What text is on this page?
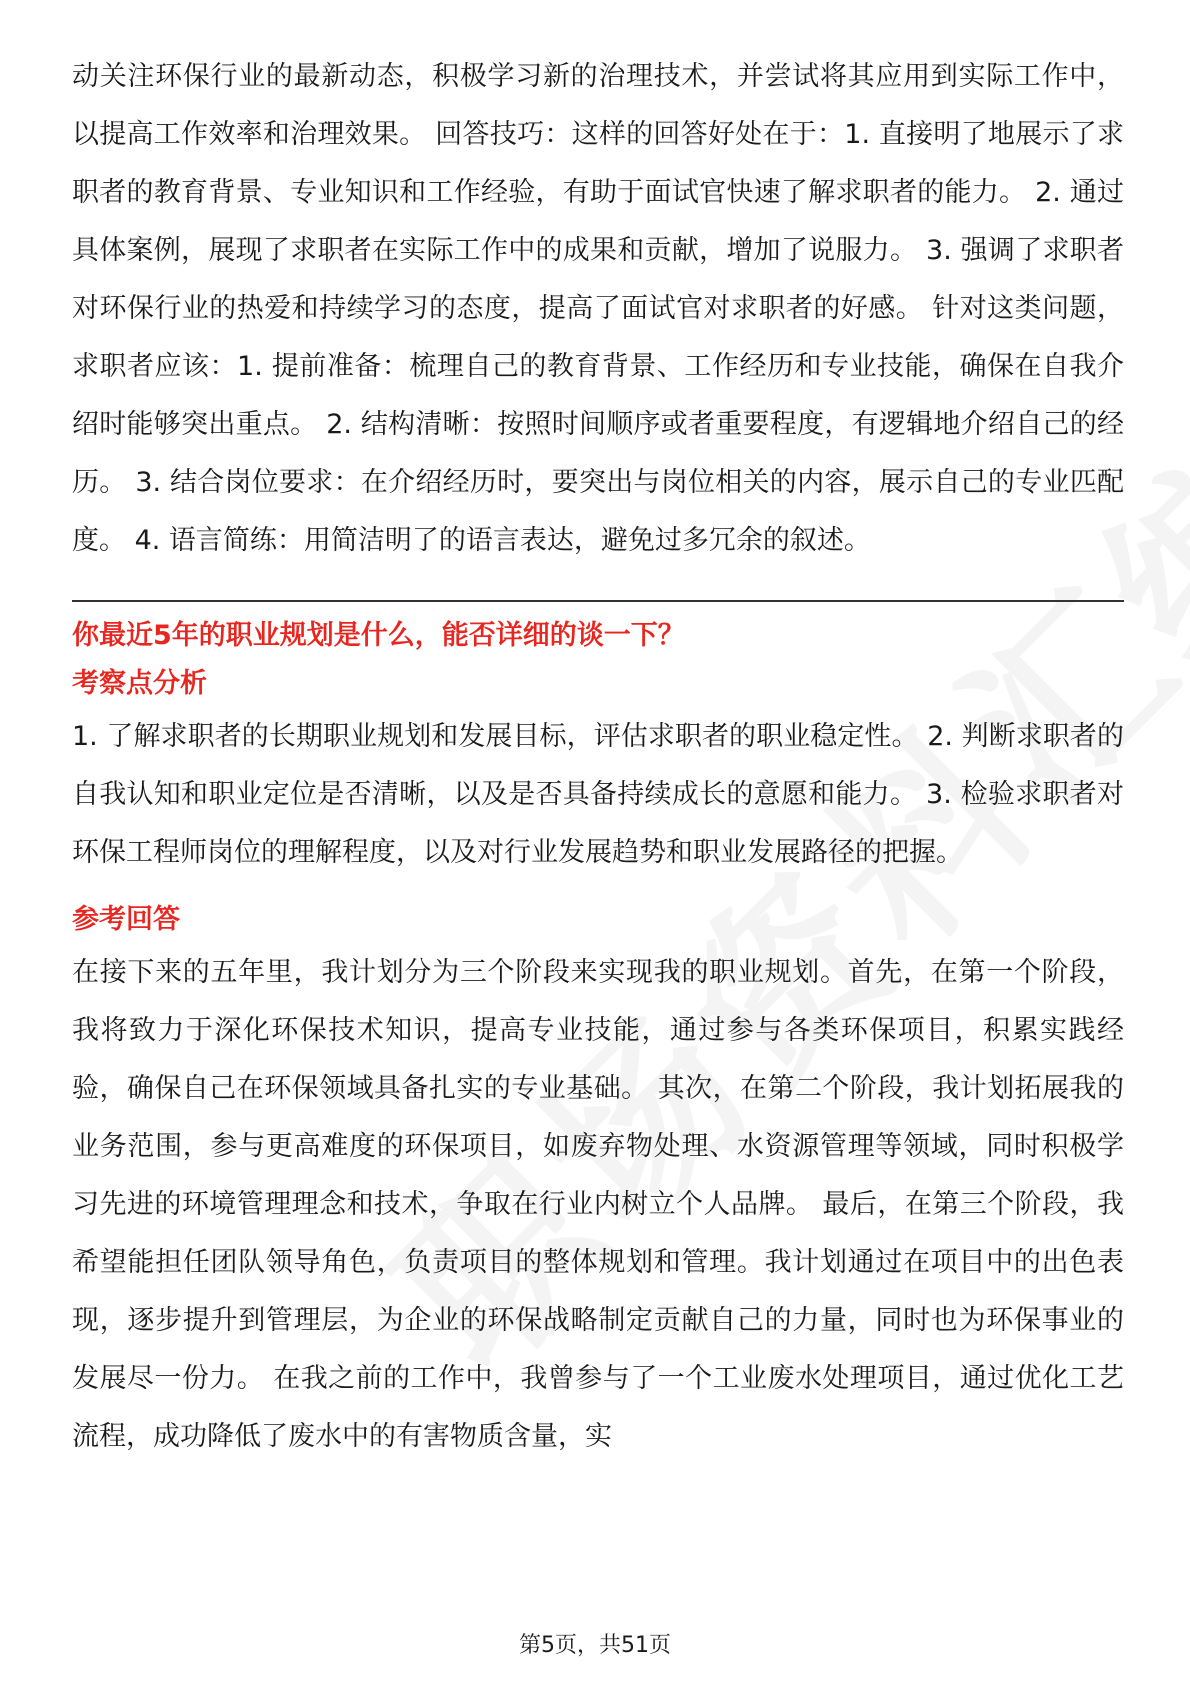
动关注环保行业的最新动态，积极学习新的治理技术，并尝试将其应用到实际工作中，以提高工作效率和治理效果。 回答技巧：这样的回答好处在于：1. 直接明了地展示了求职者的教育背景、专业知识和工作经验，有助于面试官快速了解求职者的能力。 2. 通过具体案例，展现了求职者在实际工作中的成果和贡献，增加了说服力。 3. 强调了求职者对环保行业的热爱和持续学习的态度，提高了面试官对求职者的好感。 针对这类问题，求职者应该：1. 提前准备：梳理自己的教育背景、工作经历和专业技能，确保在自我介绍时能够突出重点。 2. 结构清晰：按照时间顺序或者重要程度，有逻辑地介绍自己的经历。 3. 结合岗位要求：在介绍经历时，要突出与岗位相关的内容，展示自己的专业匹配度。 4. 语言简练：用简洁明了的语言表达，避免过多冗余的叙述。

你最近5年的职业规划是什么，能否详细的谈一下？

考察点分析

1. 了解求职者的长期职业规划和发展目标，评估求职者的职业稳定性。 2. 判断求职者的自我认知和职业定位是否清晰，以及是否具备持续成长的意愿和能力。 3. 检验求职者对环保工程师岗位的理解程度，以及对行业发展趋势和职业发展路径的把握。

参考回答

在接下来的五年里，我计划分为三个阶段来实现我的职业规划。首先，在第一个阶段，我将致力于深化环保技术知识，提高专业技能，通过参与各类环保项目，积累实践经验，确保自己在环保领域具备扎实的专业基础。 其次，在第二个阶段，我计划拓展我的业务范围，参与更高难度的环保项目，如废弃物处理、水资源管理等领域，同时积极学习先进的环境管理理念和技术，争取在行业内树立个人品牌。 最后，在第三个阶段，我希望能担任团队领导角色，负责项目的整体规划和管理。我计划通过在项目中的出色表现，逐步提升到管理层，为企业的环保战略制定贡献自己的力量，同时也为环保事业的发展尽一份力。 在我之前的工作中，我曾参与了一个工业废水处理项目，通过优化工艺流程，成功降低了废水中的有害物质含量，实

第5页，共51页
